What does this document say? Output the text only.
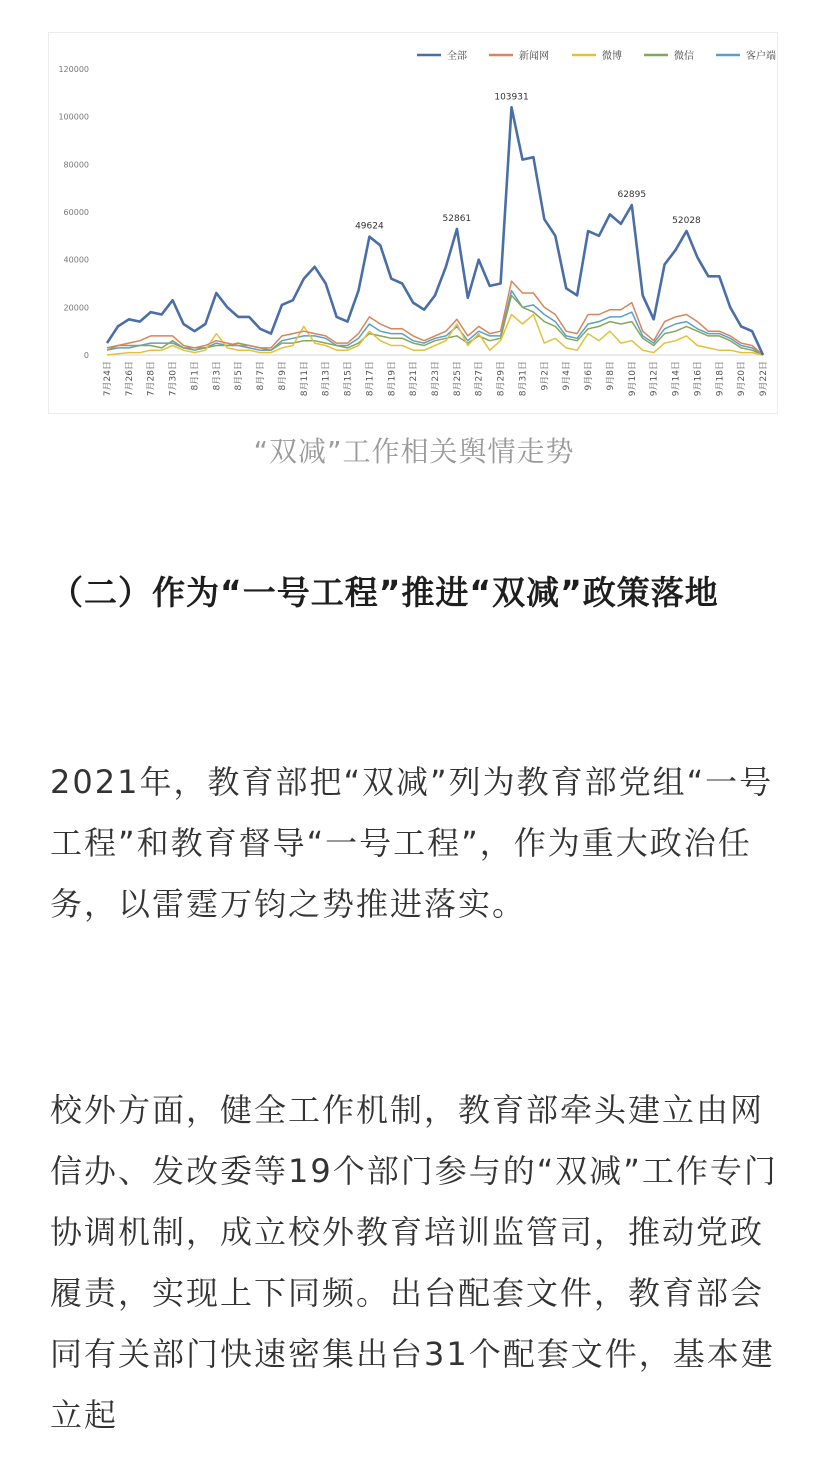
0
20000
40000
60000
80000
100000
120000
7月24日 7月26日 7月28日 7月30日 8月1日 8月3日 8月5日 8月7日 8月9日 8月11日 8月13日 8月15日 8月17日 8月19日 8月21日 8月23日 8月25日 8月27日 8月29日 8月31日 9月2日 9月4日 9月6日 9月8日 9月10日 9月12日 9月14日 9月16日 9月18日 9月20日 9月22日
49624
52861
103931
62895
52028
全部	新闻网	微博	微信	客户端
“双减”工作相关舆情走势
（二）作为“一号工程”推进“双减”政策落地
2021年，教育部把“双减”列为教育部党组“一号工程”和教育督导“一号工程”，作为重大政治任务，以雷霆万钧之势推进落实。
校外方面，健全工作机制，教育部牵头建立由网信办、发改委等19个部门参与的“双减”工作专门协调机制，成立校外教育培训监管司，推动党政履责，实现上下同频。出台配套文件，教育部会同有关部门快速密集出台31个配套文件，基本建立起
